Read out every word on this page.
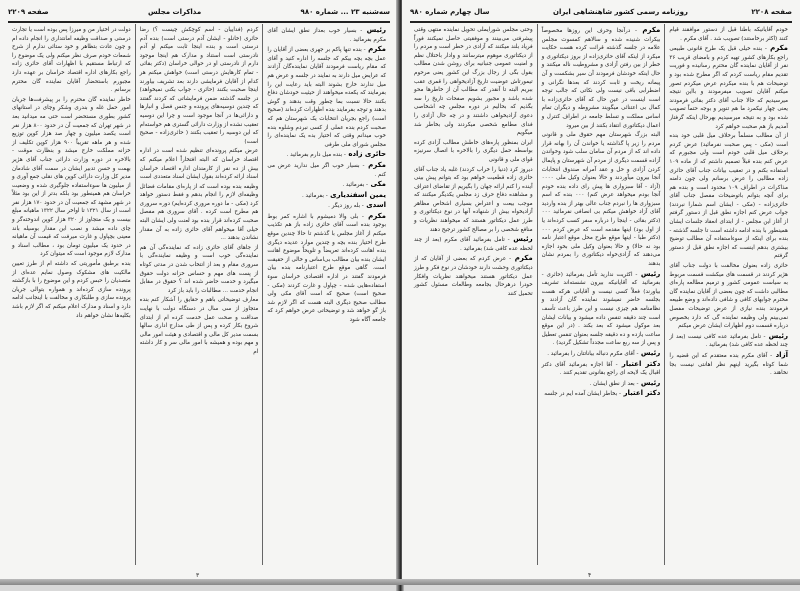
سه‌شنبه ۲۳ ... شماره ۹۸۰
مذاکرات مجلس
صفحه ۲۲۰۹

رئیس - بسیار خوب بعداز نطق ایشان آقای مکرم بفرمائید .

مکرم - بنده تنها پاکم بر جهری بعضی از آقایان را عمل بچه بچه بیکم که جلسه را اداره کنید و آقای که مقام ریاست فرمودند آقایان نماینده‌گان آزادند که عرایض میل دارند به نمایند در جلسه و عرض هم میل ندارند خارج بشوند البته باید رعایت این را بفرمایند که یکعده میخواهند از حیثیت خودشان دفاع بکنند حالا نسبت بما چطور وقت بدهند و گوش بدهند و توجه بفرمایند بنده اظهارات کرده‌اند (صحیح است) راجع بجریان انتخابات یک شهرستان هم که صحبت کردم بنده عملی از کسی نبردم وشلوه بنده خوب میدانم وقتی که اختیار بده یک نماینده‌ای را مجلس شورای ملی طرفی

حائری زاده - بنده میل دارم بفرمائید .

مکرم - بسیار خوب اگر میل ندارید عرض می کنم .

مکی - بفرمائید .

یمین اسفندیاری - بفرمائید .

اسدی - بله روز دیگر .

مکرم - بلی والا دمیشوم با اشاره کمر بوط بوجود بنده است آقای حائری زاده باز هم تکذیب میکنم از آغاز مجلس با گذشتم تا حالا چندین موقع طرح اختیار بنده بچه و چندین موارد عدیده دیگری بنده اهانت کرده‌اند تعریضاً و تلویحاً موضوع اهانت ایشان بنده بیان مطالب بی‌اساس و خالی از حقیقت است. گاهی موقع طرح اعتبارنامه بنده بیان فرمودند گفتند در اداره اقتصادی خراسان سوء استفاده‌هایی شده - چپاول و غارت کردند (مکی - صحیح است) صحیح که است آقای مکی ولی مطالب صحیح دیگری البته هست که اگر لازم شد باز گو خواهد شد و توضیحاتی عرض خواهم کرد که جامعه آگاه شود

کردم (فداییان - اسم کوچکش چیست ؟) رضا حائری (خانلو - ایشان آدم درستی است) بنده آدم درستی است و بنده اینجا ثابت میکنم او آدم نادرستی است استناد و مدارک هم اینجا موجود دارم از نادرستی او در حوالی خراسان (دکتر بقائی - تمام کارهایش درستی است) خواهش میکنم هر کدام از آقایان فرمایشی دارند بعد تشریف بیاورند اینجا صحبت بکنند (حائری - جواب بکنی نمیخواهد) در جلسه گذشته ضمن فرمایشاتی که کردند گفتند که چندین دوسیه‌های پرونده و جنس فصل و انبارها و دارائی‌ها در آنجا موجود است و چرا این دوسیه تعقیب نشده از وزارت دارائی گستری هم خواسته‌ام که این دوسیه را تعقیب بکنند ( حائری‌زاده - صحیح است)

عرض میکنم پرونده‌ای تنظیم شده است در اداره اقتصاد خراسان که البته افتخاراً اعلام میکنم که بیش از ده نفر از کارمندان اداره اقتصاد خراسان اسناد ارائه کرده‌اند بقول ایشان اسناد متعددی است

وظیفه بنده بوده است که از پاره‌ای مقامات فضائل وظیفه‌ای لازم را انجام بدهم و فقط دستور خواهد کرد (مکی - ما دوره مروری کرده‌ایم) دوره سروری هم مطرح است کرده . آقای سروری هم مفصل صحبت کرده‌اند قرار بنده بود لعنت ولی ایشان البته خیلی آقا میخواهم آقای حائری زاده به آن مقدار نشاندن بدهند ...

از جاهای آقای حائری زاده که نماینده‌گی آن هم نماینده‌گی خوب است و وظیفه نماینده‌گی با سروری مقام و بعد از انتخاب شدن در مدتی کوتاه از پست های مهم و حساس خزانه دولت حقوق میگیرد و خدمت حاضر شده اند ؟ حقوق در مقابل انجام خدمت ... مطالبات را باید باز کرد

معارف توضیحاتی باهم و حقایق را آشکار کنم بنده متجاوز از سی سال در دستگاه دولت با نهایت صداقت و صحت عمل خدمت کرده ام از ابتدای شروع بکار کرده و پس از طی مدارج اداری سالها بسمت مدیر کل مالی و اقتصادی و هیئت امور مالی و مهم بوده و همیشه با امور مالی سر و کار داشته ام

دولت در اختیار من و میرزا پس بوده است یا تجارت درستی و صداقت وظیفه امانتداری را انجام داده ام و چون عادت بتظاهر و خود ستائی ندارم از شرح شمعات خودم صرف نظر میکنم ولی یک موضوع را که ارتباط مستقیم با اظهارات آقای حائری زاده راجع بکارهای اداره اقتصاد خراسان بر عهده دارد مجبورم باستحضار آقایان نماینده گان محترم برسانم .

خاطر نماینده گان محترم را بر پیشرفت‌ها جریان امور حمل غله و بندری وشکر وچای در استانهای کشور بطوری مستحضر است حتی مه میدانید بعد در شهر تهران که جمعیت آن در حدود ۸۰۰ هزار نفر است یکصد میلیون و چهار صد هزار کوپن توزیع شده و هر ماهه تقریباً ۹۰۰ هزار کوپن تکلیف از خزانه مملکت خارج میشد و بنظارت موقت - بالاخره در دوره وزارت دارائی جناب آقای هژیر بهمت و حسن تدبیر ایشان در سمت آقای شادمان مدیر کل وزارت دارائی کوپن های نقلی جمع آوری و از میلیون ها سوءاستفاده جلوگیری شده و وضعیت خراسان هم همینطور بود بلکه بدتر از این بود مثلاً در شهر مشهد که جمعیت آن در حدود ۱۷۰ هزار نفر است از سال ۱۳۲۱ تا اواخر سال ۱۳۲۲ ماهیانه مبلغ بیست و یک متجاوز از ۳۲۰ هزار کوپن اندوخته‌گر و چای داده میشد و نصب این مقدار بوسیله باند معینی بچپاول و غارت میرفت که قیمت آن ماهیانه در حدود یک میلیون تومان بود ، مطالب اسناد و مدارک لازم موجود است که میتوان کرد

بنده برطبق مأموریتی که داشته ام از طرز تعیین مالکیت های مشکوک وصول نمایم عده‌ای از متصدیان را حبس کردم و این موضوع را با بازگشته پرونده سازی کرده‌اند و همواره بتوالی جریان پرونده سازی و طلبکاری و مخالفت با اینجانب ادامه دارد و اسناد و مدارک اعلام میکنم که اگر لازم باشد بکلیه‌ها نشان خواهم داد

۳
صفحه ۲۲۰۸
روزنامه رسمی کشور شاهنشاهی ایران
سال چهارم شماره ۹۸۰

خودم آقایانیکه باطنا قبل از دستور موافقند قیام کنند (اکثر برخاستند) تصویب شد . آقای مکرم .

مکرم - بنده خیلی قبل یک طرح قانونی طبیعی راجع بکارهای کشور تهیه کردم و بامضای قریب ۳۶ نفر از آقایان نماینده گان محترم رسانیده و فوریت تقدیم مقام ریاست کردم که اگر مطرح شده بود و توضیحات هم با بنده میکردم عرض میکردم تصور میکنم آقایان تصویب میفرمودند و بااین نتیجه میرسیدیم که حالا جناب آقای دکتر بقائی فرمودند یعنی چهار نیکمرد ما هم تنویر و بوجه حتماً تصویب شده بود و به نتیجه میرسیدیم بهرحال اینکه گرفتار آمدیم باز هم صحبت خواهم کرد

از آن مطالب مسلماً برخلاف میل قلبی خود بنده است (مکی - پس صحبت نفرمائید) عرض کردم برخلاف میل قلبی خودم است ولی مجبورم که عرض کنم بنده قبلاً تصمیم داشتم که از ماده ۱۰۹ استفاده بکنم و در تعقیب بیانات جناب آقای حائری زاده مطالبی را عرض برسانم ولی چون دامنه مذاکرات در اطراف ۱۰۹ محدود است و بنده هم برای آنچه بتوانم باتوضیحات مفصل جناب آقای حائری‌زاده - (مکی - ایشان اسم شمارا نبردند) جواب عرض کنم اجازه نطق قبل از دستور گرفتم از آغاز این مجلس - از ابتدای انعقاد جلسات ایشان همینطور با بنده ادامه داشته است تا جلسه گذشته - بنده برای اینکه از سوءاستفاده آن مطالب توضیح بیشتری بدهم اینست که اجازه نطق قبل از دستور گرفتم

حائری زاده بعنوان مخالفت با دولت جناب آقای هژیر کردند در قسمت های میکشت قسمت مربوط به سیاست عمومی کشور و ترمیم مطالعه پاره‌ای مطالبی داشت که چون بعضی از آقایان نماینده گان محترم جوابهای کافی و شافی داده‌اند و وضع طبیعه فرمودند بنده نیازی از عرض توضیحات مفصل نمی‌بینم ولی وظیفه نماینده گی که دارد بخصوص درباره قسمت دوم اظهارات ایشان عرض میکنم

رئیس - تامل بفرمائید عده کافی نیست (بعد از چند لحظه عده کافی شد) بفرمائید .

آزاد - آقای مکرم بنده معتقدم که این قضیه را شما کوتاه بگیرید اینهم نظر اهانتی نیست بجا نخاهند .

مکرم - درآنجا وحرف این روزها مخصوصاً بیکرات شنیده شده و سالاهم کمسوت مجلس علامه در جلسه گذشته قرائت کرده هست حکایت میکرد از اینکه آقای حائری‌زاده از بروز دیکتاتوری و خطر از بین رفتن آزادی و مشروطیت ناله میکنند و حال اینکه خودشان فرمودند آن سیر بشکست و آن پیمانه ریخت و ثابت کردند که بعدها نگرانی و اضطرابی باقی نیست ولی نکاتی که جالب توجه است اینست در عین حال که آقای حائری‌زاده با کمال بی اعتنائی میگویند مشروطه و دیگران تمام اساس مملکت و تسلط جامعه در اطراف کنترل و اعمال دیکتاتوری انتقاد بکنند از بین میرود

البته بزرگ شهرستان مهم حقوق ملی و قانونی مردم را زیر پا گذاشته یا خواندن آن را بهانه قرار داده اند که از مردم آن سامان سلب شود وخواندن آزاده قسمت دیگری از مردم آن شهرستان و پایمال کردن آزادی و حل و عقد آمرانه صندوق انتخابات آنجا بیرون میآوردند و حالا بعنوان وکیل ملی ۰۰۰۰ (آزاد - آقا سبزواری ها پیش رای داده بنده خودم آنجا بودم میخواهد عرض کنم) ۰۰۰ بنده که اسم سبزواری ها را نبردم جناب عالی بهتر از بنده واردید آقای آزاد خواهش میکنم بی انصافی نفرمائید ۰۰۰ (دکتر بقائی - اینجا را درباره سفر کسب کرده‌اند یا از اول بود) اینها مقدمه است که عرض کردم ۰۰۰ (دکتر طبا - اینها موقع طرح محل موقع اعتبار نامه بود نه حالا) و حالا بعنوان وکیل ملی بخود اجازه می‌دهند که آزادی‌خواه دیکتاتوری را بمردم نشان بدهند

رئیس - اکثریت ندارید تأمل بفرمائید (حائری - بفرمائید که آقایانیکه بیرون نشسته‌اند تشریف بیاورند) فعلاً کسی نیست و آقایانی هرکه هست بجلسه حاضر نمیشوند نماینده گان آزادند و نظامنامه هم چیزی نیست و این طرز باعث تأسف است چند دقیقه تنفس داده میشود و بیانات ایشان بعد موکول میشود که بعد بکند . (در این موقع ساعت یازده و ده دقیقه جلسه بعنوان تنفس تعطیل و پس از سه ربع ساعت مجدداً تشکیل گردید) .

رئیس - آقای مکرم دنباله بیاناتتان را بفرمائید .

دکتر اعتبار - آقا اجازه بفرمائید آقای دکتر اقبال یک لایحه ای راجع بقانونی تقدیم کنند .

رئیس - بعد از نطق ایشان .

دکتر اعتبار - بخاطر ایشان آمده ایم در جلسه

وحتی مجلس شورایملی تحویل نماینده منتهی وقتی پیشرفتی می‌بینند و موفقیتی حاصل نمیکنند فوراً فریاد بلند میکنند که آزادی در خطر است و مردم را از دیکتاتوری موهوم میترسانند و وادار باختلال نظم و امنیت عمومی جنبانیه برای روشن شدن مطالب بقول بگی از رجال بزرگ این کشور یعنی مرحوم تیمورتاش عوضیت تاریخ آزادیخواهی را قمری عقب ببریم البته تا آنقدر که مطالب آن از خاطرها محو شده باشد و مجبور بشویم صفحات تاریخ را سه بگذیم که بحالیم در دوره مجلس چه اشخاصی دعوی آزادیخواهی داشتند و در چه حال آزادی را فدای مطامع شخصی میکردند ولی بخاطر شد میگویم

ایران بمنظور پاره‌های خاطش مطالب آزادی کرده بواسطه حمل دیگری را بالاخره با اتصال سرنیزه قوای ملی و قانونی

دیروز کرد (دنیا را خراب کردند) غلبه یاد جناب آقای حائری زاده قطعیت خواهم بود که بتوانم پیش بینی آینده را کنم ارائه جهان را بگیریم از تقاضای اعتراف و مشاهده دفاع حرف زد مجلس یکدیگر میکنند که موجب بیعت و اعتراض بسیاری اشخاص مظاهر آزادیخواه بیش از شنهاده آنها در نوع دیکتاتوری و طرز عمل دیکتاتور هستند که میخواهند نظریات و منافع شخصی را بر مصالح کشور ترجیح دهند

رئیس - تامل بفرمائید آقای مکرم (بعد از چند لحظه عده کافی شد) بفرمائید .

مکرم - عرض کردم که بعضی از آقایان که از دیکتاتوری وحشت دارند خودشان در نوع فکر و طرز عمل دیکتاتور هستند میخواهند نظریات وافکار خودرا درهرحال بجامعه وطالعات مسئول کشور تحمیل کنند

۴
